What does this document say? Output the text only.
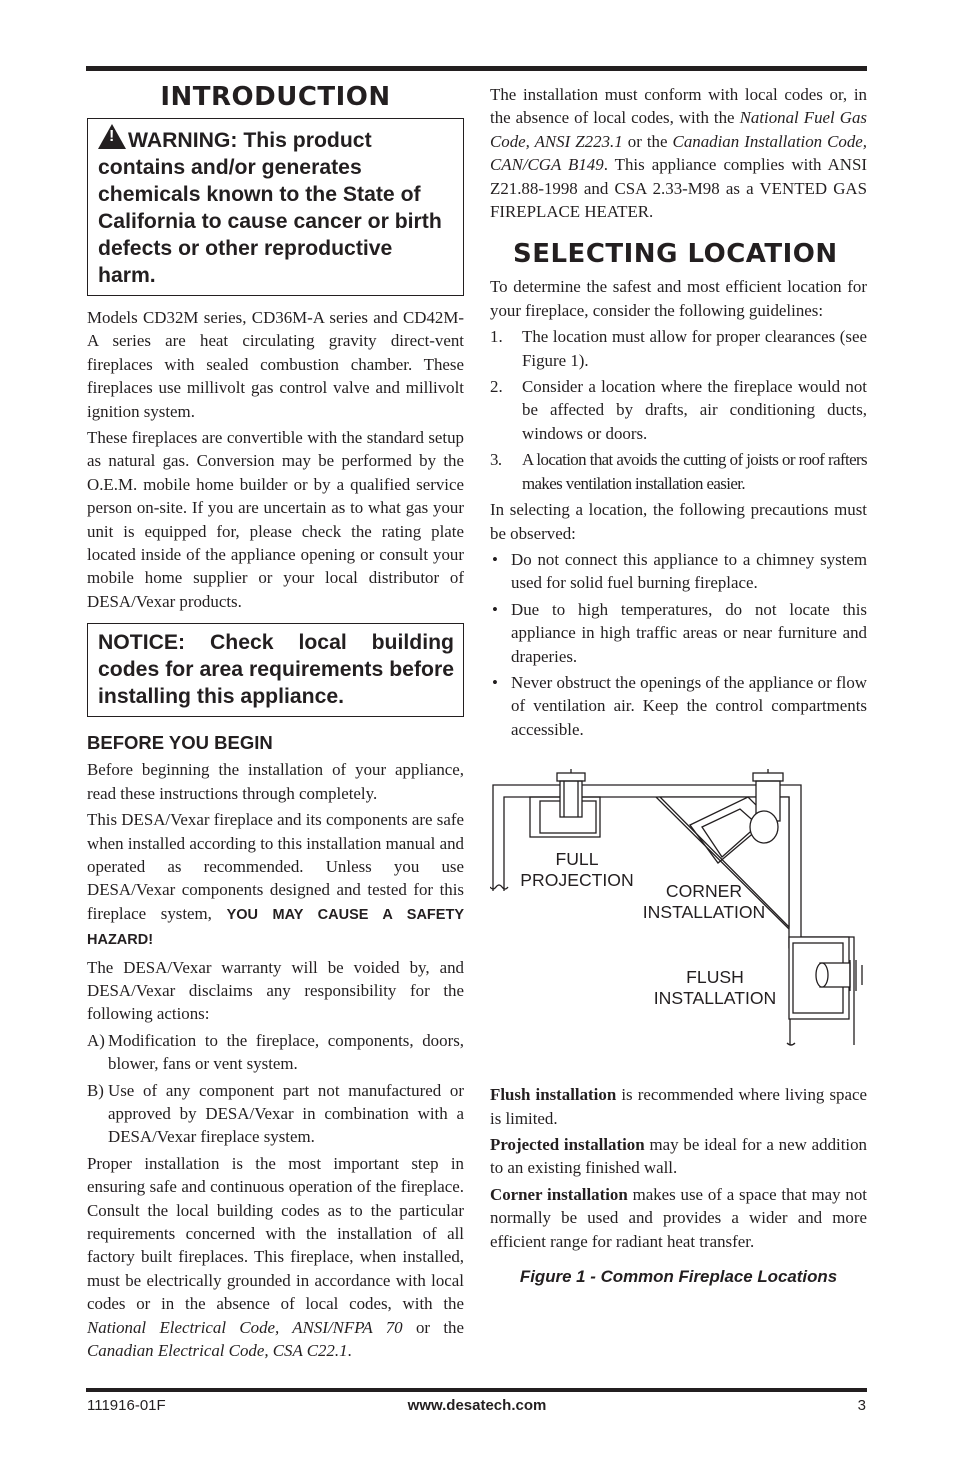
INTRODUCTION
!WARNING: This product contains and/or generates chemicals known to the State of California to cause cancer or birth defects or other reproductive harm.

Models CD32M series, CD36M-A series and CD42M-A series are heat circulating gravity direct-vent fireplaces with sealed combustion chamber. These fireplaces use millivolt gas control valve and millivolt ignition system.

These fireplaces are convertible with the standard setup as natural gas. Conversion may be performed by the O.E.M. mobile home builder or by a qualified service person on-site. If you are uncertain as to what gas your unit is equipped for, please check the rating plate located inside of the appliance opening or consult your mobile home supplier or your local distributor of DESA/Vexar products.

NOTICE: Check local building codes for area requirements before installing this appliance.
BEFORE YOU BEGIN

Before beginning the installation of your appliance, read these instructions through completely.

This DESA/Vexar fireplace and its components are safe when installed according to this installation manual and operated as recommended. Unless you use DESA/Vexar components designed and tested for this fireplace system, YOU MAY CAUSE A SAFETY HAZARD!

The DESA/Vexar warranty will be voided by, and DESA/Vexar disclaims any responsibility for the following actions:

A) Modification to the fireplace, components, doors, blower, fans or vent system.
B) Use of any component part not manufactured or approved by DESA/Vexar in combination with a DESA/Vexar fireplace system.

Proper installation is the most important step in ensuring safe and continuous operation of the fireplace. Consult the local building codes as to the particular requirements concerned with the installation of all factory built fireplaces. This fireplace, when installed, must be electrically grounded in accordance with local codes or in the absence of local codes, with the National Electrical Code, ANSI/NFPA 70 or the Canadian Electrical Code, CSA C22.1.

The installation must conform with local codes or, in the absence of local codes, with the National Fuel Gas Code, ANSI Z223.1 or the Canadian Installation Code, CAN/CGA B149. This appliance complies with ANSI Z21.88-1998 and CSA 2.33-M98 as a VENTED GAS FIREPLACE HEATER.

SELECTING LOCATION

To determine the safest and most efficient location for your fireplace, consider the following guidelines:

1. The location must allow for proper clearances (see Figure 1).
2. Consider a location where the fireplace would not be affected by drafts, air conditioning ducts, windows or doors.
3. A location that avoids the cutting of joists or roof rafters makes ventilation installation easier.

In selecting a location, the following precautions must be observed:

• Do not connect this appliance to a chimney system used for solid fuel burning fireplace.
• Due to high temperatures, do not locate this appliance in high traffic areas or near furniture and draperies.
• Never obstruct the openings of the appliance or flow of ventilation air. Keep the control compartments accessible.
FULL PROJECTION
CORNER INSTALLATION
FLUSH INSTALLATION

Flush installation is recommended where living space is limited.

Projected installation may be ideal for a new addition to an existing finished wall.

Corner installation makes use of a space that may not normally be used and provides a wider and more efficient range for radiant heat transfer.

Figure 1 - Common Fireplace Locations
111916-01F	www.desatech.com	3
